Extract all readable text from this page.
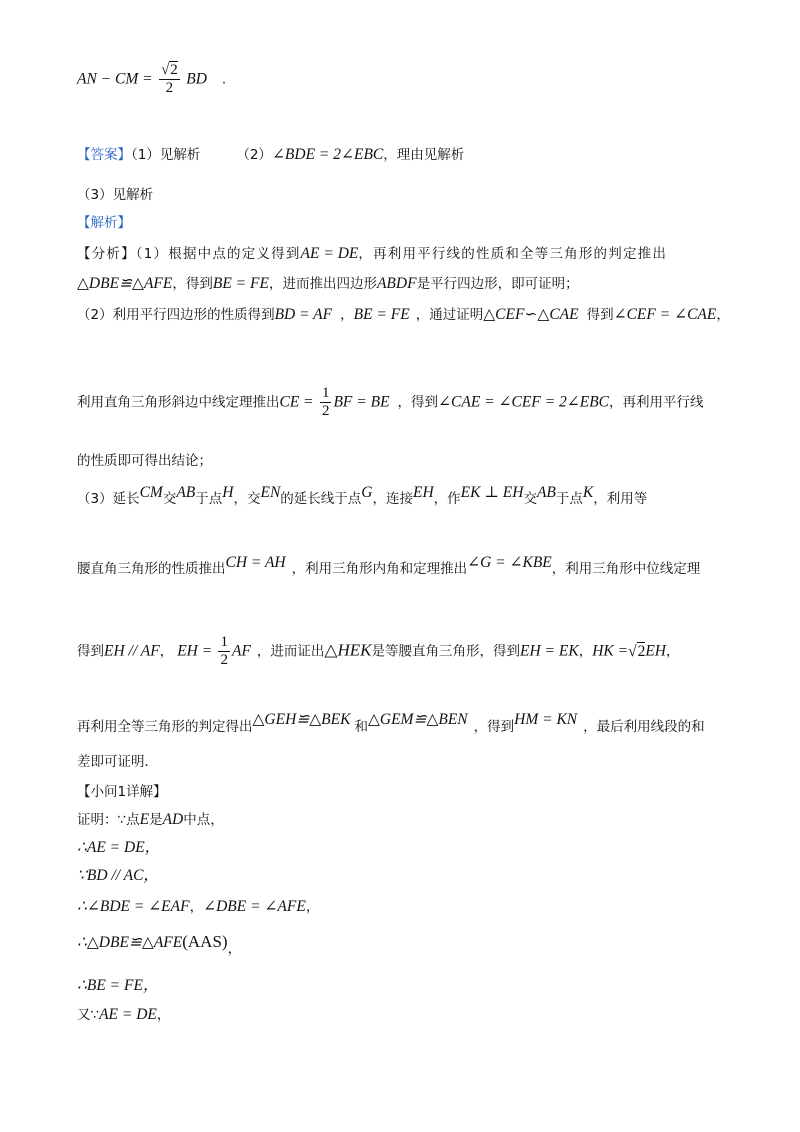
AN − CM = $\frac{√2}{2}$ BD .
【答案】（1）见解析	（2）∠BDE = 2∠EBC，理由见解析
（3）见解析
【解析】
【分析】（1）根据中点的定义得到AE = DE，再利用平行线的性质和全等三角形的判定推出
△DBE≌△AFE，得到BE = FE，进而推出四边形ABDF是平行四边形，即可证明；
（2）利用平行四边形的性质得到BD = AF ，BE = FE ，通过证明△CEF∽△CAE 得到∠CEF = ∠CAE，
利用直角三角形斜边中线定理推出CE = $\frac{1}{2}$ BF = BE ，得到∠CAE = ∠CEF = 2∠EBC，再利用平行线
的性质即可得出结论；
（3）延长CM交AB于点H，交EN的延长线于点G，连接EH，作EK ⊥ EH交AB于点K，利用等
腰直角三角形的性质推出CH = AH ，利用三角形内角和定理推出∠G = ∠KBE，利用三角形中位线定理
得到EH // AF， EH = $\frac{1}{2}$ AF ，进而证出△HEK是等腰直角三角形，得到EH = EK，HK =√2EH，
再利用全等三角形的判定得出△GEH≌△BEK 和△GEM≌△BEN ，得到HM = KN ，最后利用线段的和
差即可证明．
【小问1详解】
证明：∵点E是AD中点，
∴AE = DE，
∵BD // AC，
∴∠BDE = ∠EAF，∠DBE = ∠AFE，
∴△DBE≌△AFE(AAS)，
∴BE = FE，
又∵AE = DE，
